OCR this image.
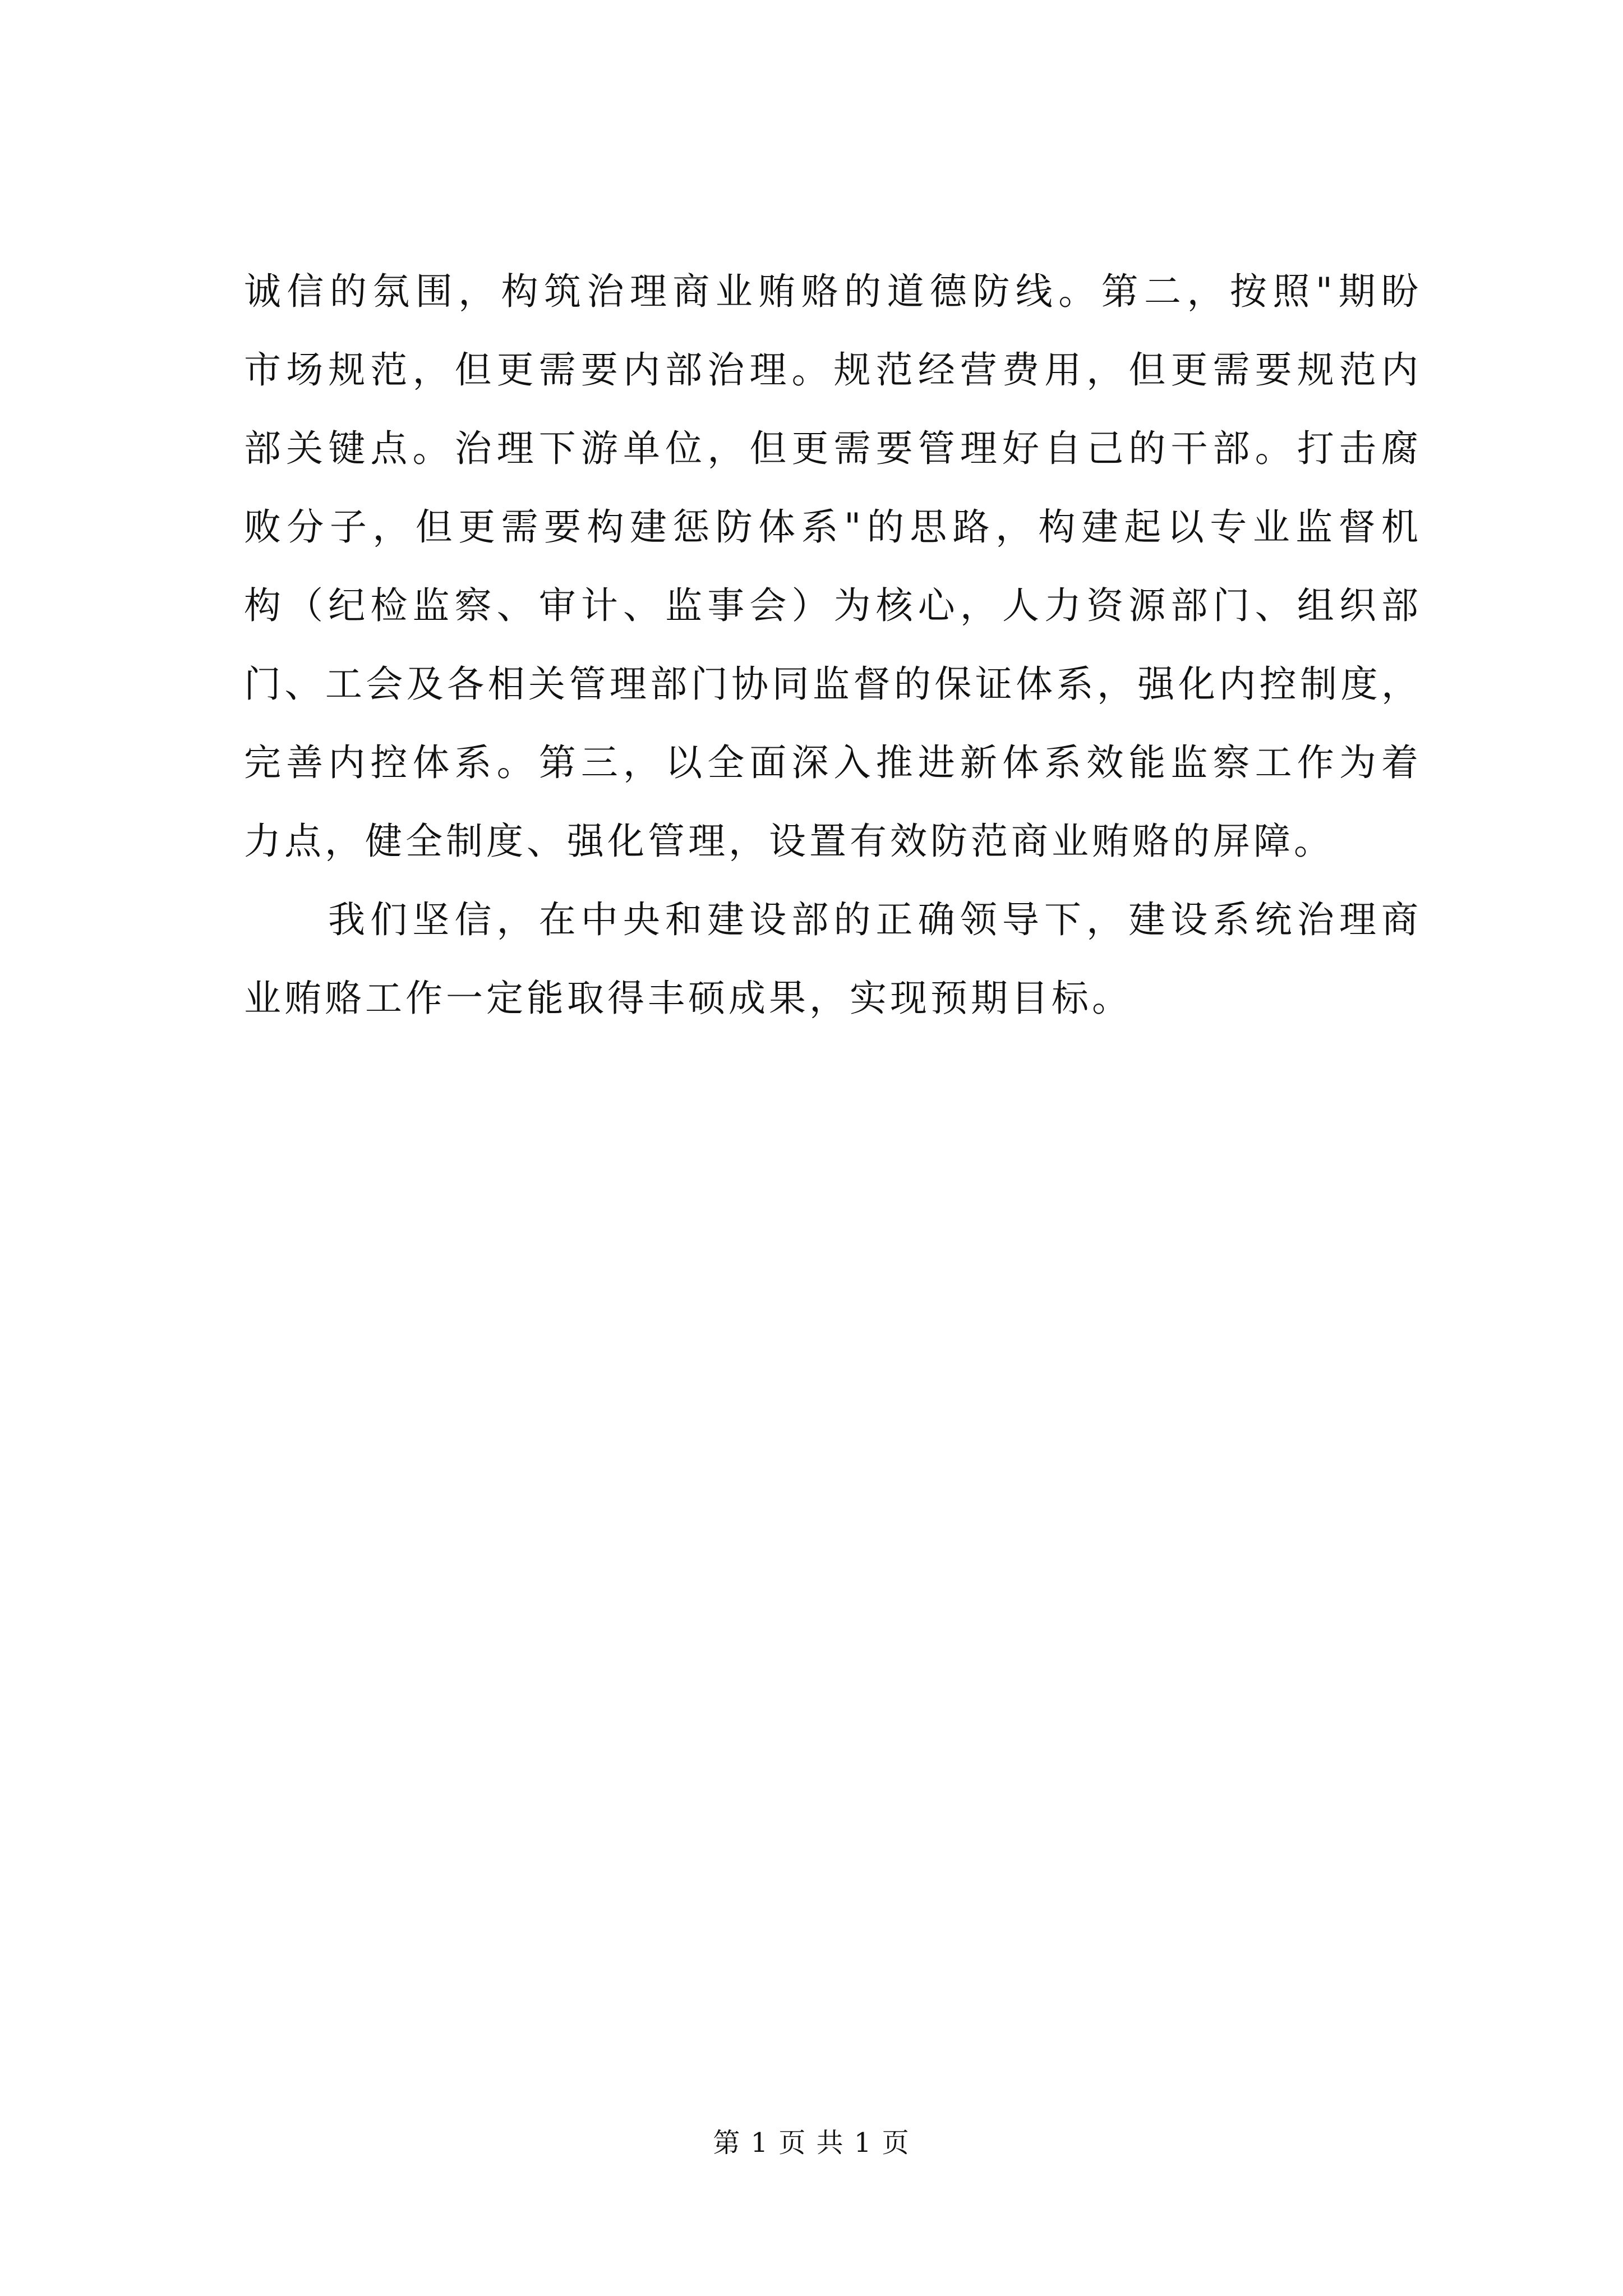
诚信的氛围，构筑治理商业贿赂的道德防线。第二，按照"期盼
市场规范，但更需要内部治理。规范经营费用，但更需要规范内
部关键点。治理下游单位，但更需要管理好自己的干部。打击腐
败分子，但更需要构建惩防体系"的思路，构建起以专业监督机
构（纪检监察、审计、监事会）为核心，人力资源部门、组织部
门、工会及各相关管理部门协同监督的保证体系，强化内控制度，
完善内控体系。第三，以全面深入推进新体系效能监察工作为着
力点，健全制度、强化管理，设置有效防范商业贿赂的屏障。
我们坚信，在中央和建设部的正确领导下，建设系统治理商
业贿赂工作一定能取得丰硕成果，实现预期目标。
第 1 页 共 1 页
